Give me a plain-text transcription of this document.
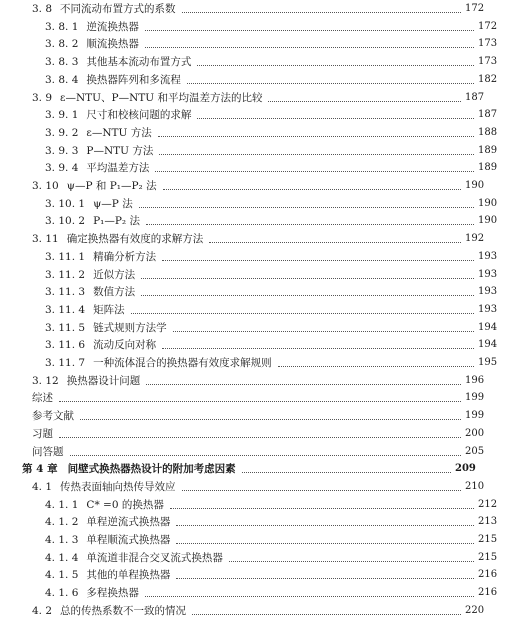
3. 8 不同流动布置方式的系数	172
3. 8. 1 逆流换热器	172
3. 8. 2 顺流换热器	173
3. 8. 3 其他基本流动布置方式	173
3. 8. 4 换热器阵列和多流程	182
3. 9 ε—NTU、P—NTU 和平均温差方法的比较	187
3. 9. 1 尺寸和校核问题的求解	187
3. 9. 2 ε—NTU 方法	188
3. 9. 3 P—NTU 方法	189
3. 9. 4 平均温差方法	189
3. 10 ψ—P 和 P₁—P₂ 法	190
3. 10. 1 ψ—P 法	190
3. 10. 2 P₁—P₂ 法	190
3. 11 确定换热器有效度的求解方法	192
3. 11. 1 精确分析方法	193
3. 11. 2 近似方法	193
3. 11. 3 数值方法	193
3. 11. 4 矩阵法	193
3. 11. 5 链式规则方法学	194
3. 11. 6 流动反向对称	194
3. 11. 7 一种流体混合的换热器有效度求解规则	195
3. 12 换热器设计问题	196
综述	199
参考文献	199
习题	200
问答题	205
第 4 章 间壁式换热器热设计的附加考虑因素	209
4. 1 传热表面轴向热传导效应	210
4. 1. 1 C* =0 的换热器	212
4. 1. 2 单程逆流式换热器	213
4. 1. 3 单程顺流式换热器	215
4. 1. 4 单流道非混合交叉流式换热器	215
4. 1. 5 其他的单程换热器	216
4. 1. 6 多程换热器	216
4. 2 总的传热系数不一致的情况	220
